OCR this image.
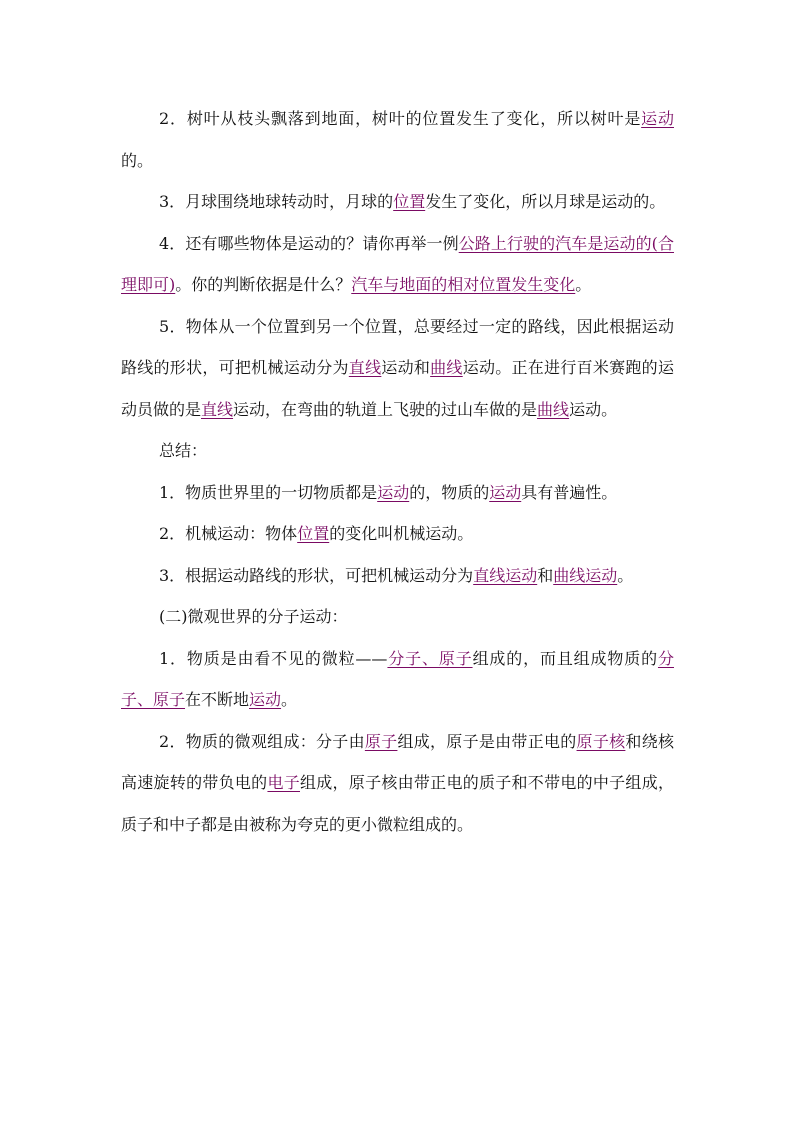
2．树叶从枝头飘落到地面，树叶的位置发生了变化，所以树叶是运动的。

3．月球围绕地球转动时，月球的位置发生了变化，所以月球是运动的。

4．还有哪些物体是运动的？请你再举一例公路上行驶的汽车是运动的(合理即可)。你的判断依据是什么？汽车与地面的相对位置发生变化。

5．物体从一个位置到另一个位置，总要经过一定的路线，因此根据运动路线的形状，可把机械运动分为直线运动和曲线运动。正在进行百米赛跑的运动员做的是直线运动，在弯曲的轨道上飞驶的过山车做的是曲线运动。

总结：

1．物质世界里的一切物质都是运动的，物质的运动具有普遍性。

2．机械运动：物体位置的变化叫机械运动。

3．根据运动路线的形状，可把机械运动分为直线运动和曲线运动。

(二)微观世界的分子运动：

1．物质是由看不见的微粒——分子、原子组成的，而且组成物质的分子、原子在不断地运动。

2．物质的微观组成：分子由原子组成，原子是由带正电的原子核和绕核高速旋转的带负电的电子组成，原子核由带正电的质子和不带电的中子组成，质子和中子都是由被称为夸克的更小微粒组成的。
